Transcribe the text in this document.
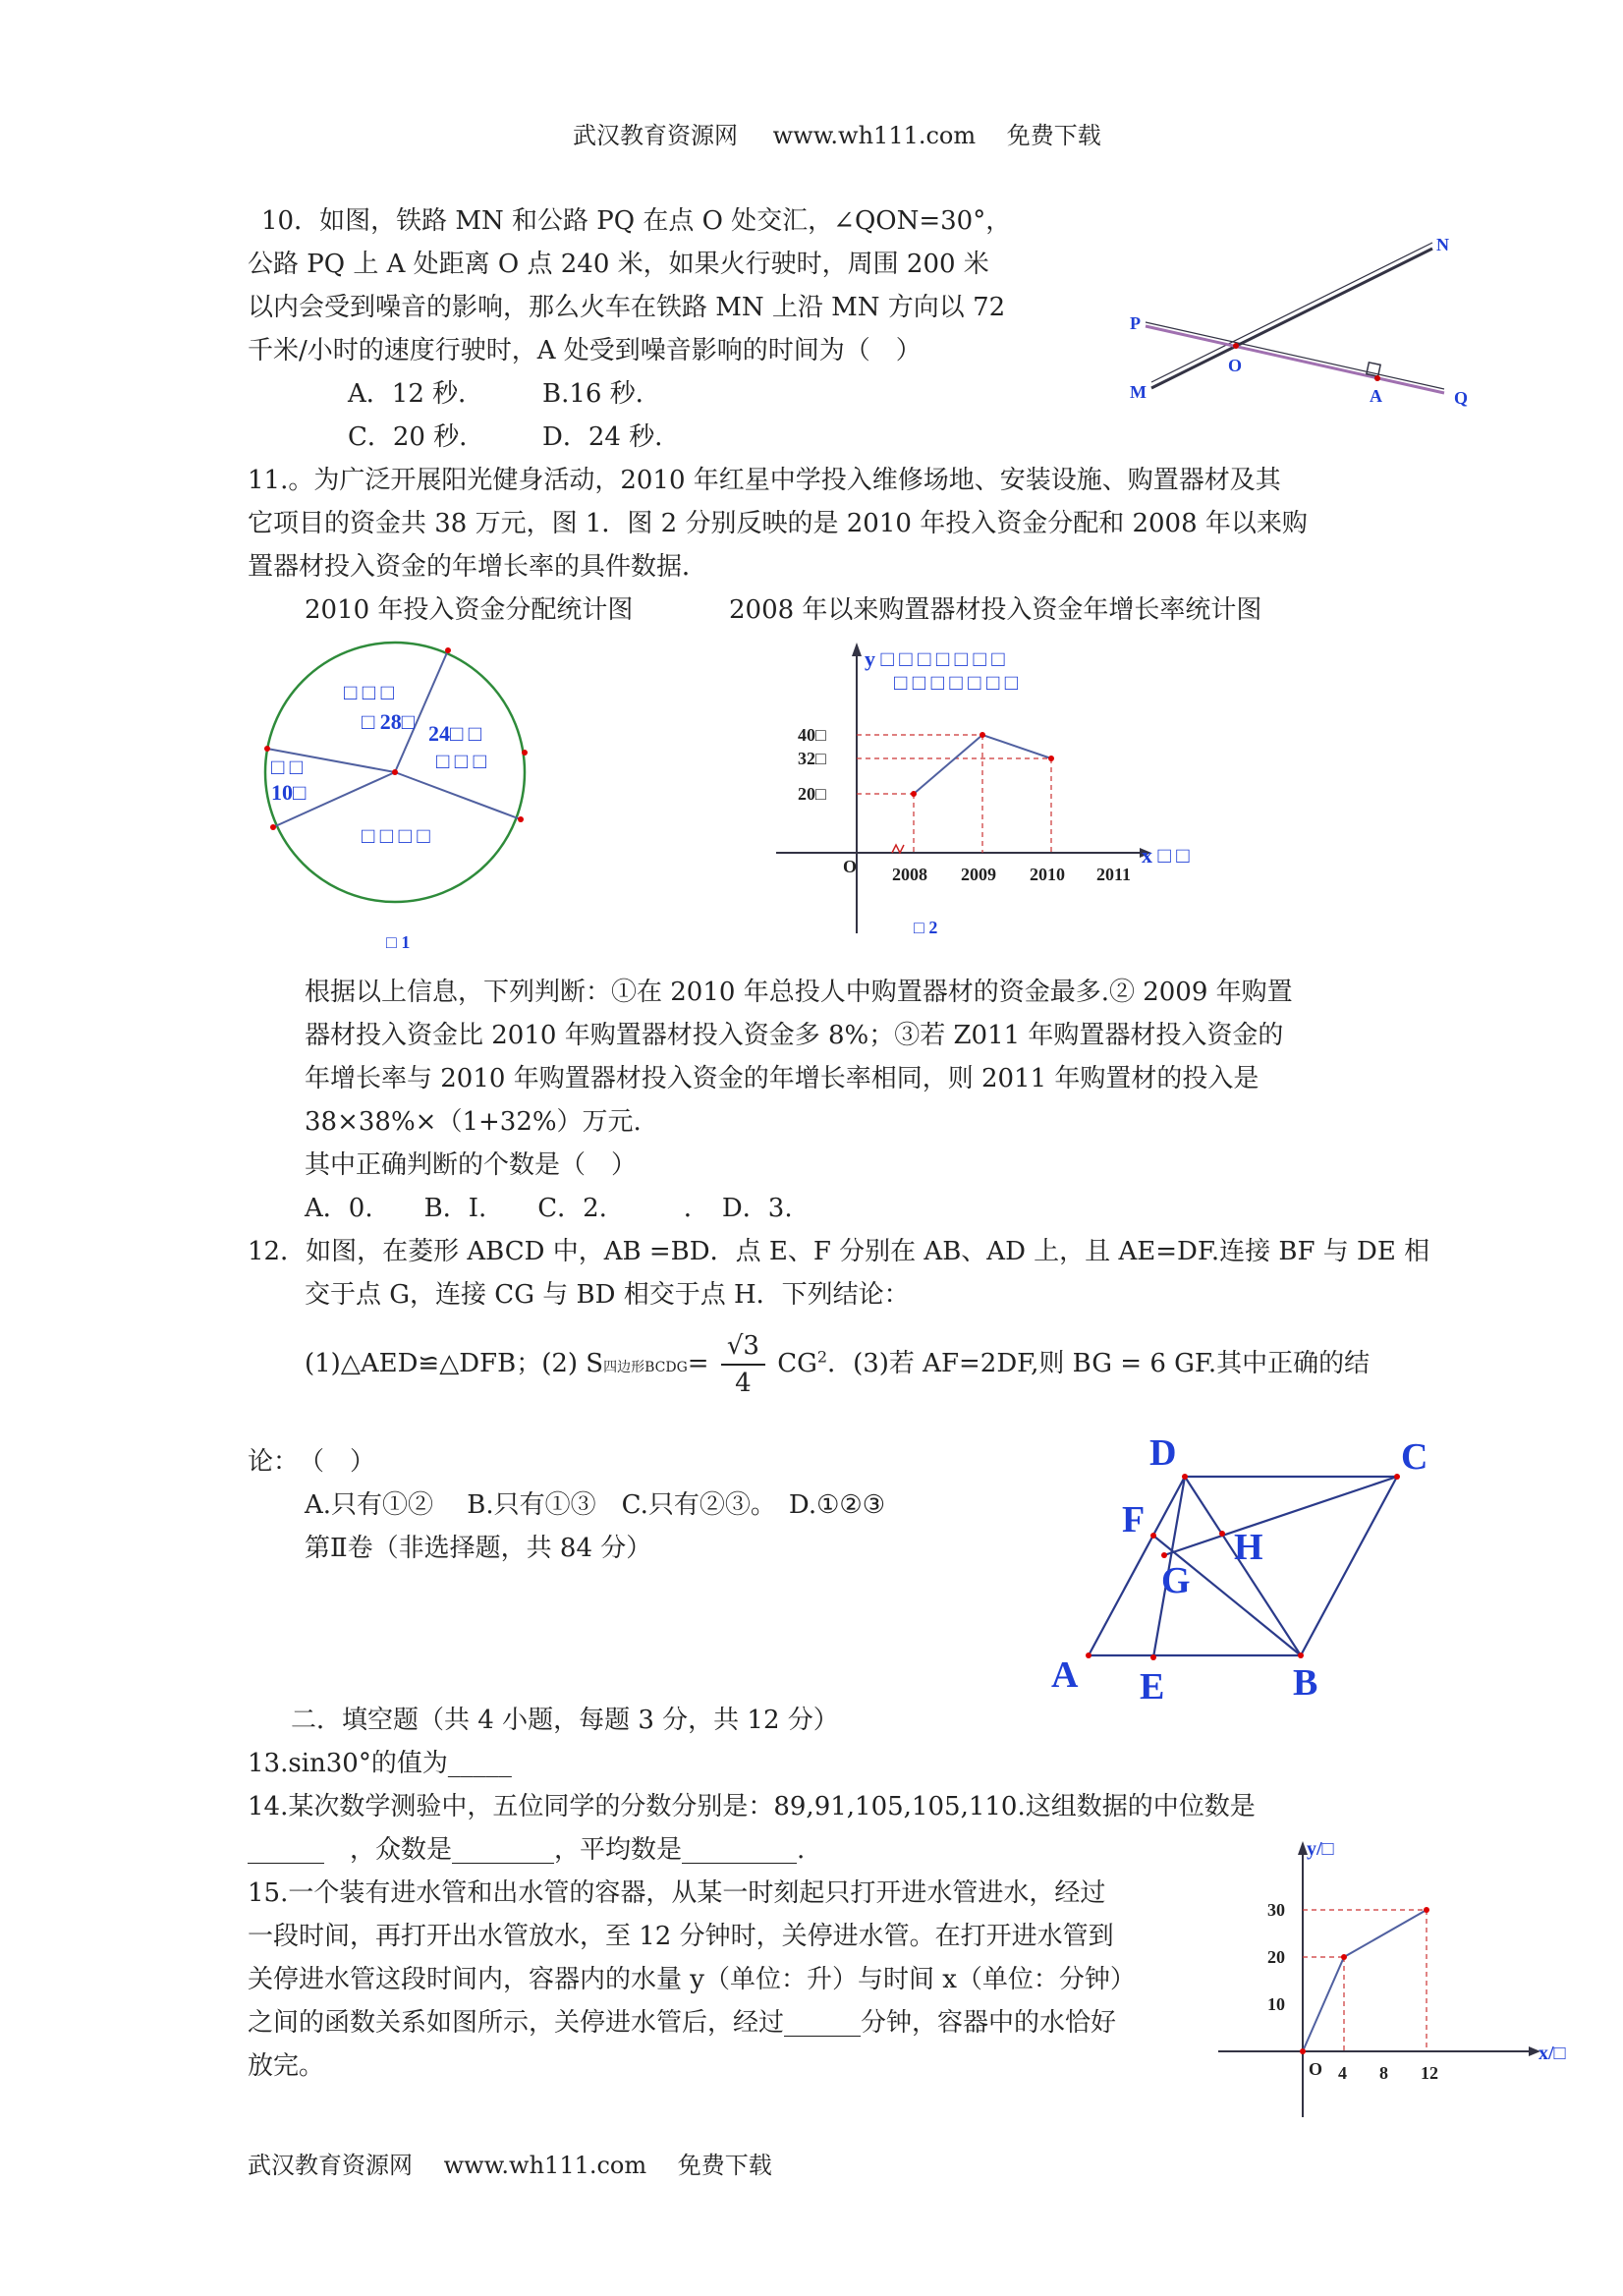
武汉教育资源网 www.wh111.com 免费下载
10．如图，铁路 MN 和公路 PQ 在点 O 处交汇，∠QON=30°，
公路 PQ 上 A 处距离 O 点 240 米，如果火行驶时，周围 200 米
以内会受到噪音的影响，那么火车在铁路 MN 上沿 MN 方向以 72
千米/小时的速度行驶时，A 处受到噪音影响的时间为（　）
A．12 秒． B.16 秒．
C．20 秒． D．24 秒．
P
N
O
M	A	Q
11.。为广泛开展阳光健身活动，2010 年红星中学投入维修场地、安装设施、购置器材及其
它项目的资金共 38 万元，图 1．图 2 分别反映的是 2010 年投入资金分配和 2008 年以来购
置器材投入资金的年增长率的具件数据．
2010 年投入资金分配统计图	2008 年以来购置器材投入资金年增长率统计图
□ □ □
□ 28□ 24□ □
□ □ □
□ □ □ □
□ □
10□
□ 1
20□
32□
40□
2008 2009 2010 2011
O	x □ □
y □ □ □ □ □ □ □
□ □ □ □ □ □ □
□ 2
根据以上信息，下列判断：①在 2010 年总投人中购置器材的资金最多.② 2009 年购置
器材投入资金比 2010 年购置器材投入资金多 8%；③若 Z011 年购置器材投入资金的
年增长率与 2010 年购置器材投入资金的年增长率相同，则 2011 年购置材的投入是
38×38%×（1+32%）万元.
其中正确判断的个数是（　）
A．0.　　B．I.　　C．2.　　　．　D．3.
12．如图，在菱形 ABCD 中，AB =BD．点 E、F 分别在 AB、AD 上，且 AE=DF.连接 BF 与 DE 相
交于点 G，连接 CG 与 BD 相交于点 H．下列结论：
(1)△AED≌△DFB；(2) S四边形BCDG= $\frac{√3}{4} CG^2$．(3)若 AF=2DF,则 BG = 6 GF.其中正确的结
论：　（　）
A.只有①②　 B.只有①③　C.只有②③。　D.①②③
第Ⅱ卷（非选择题，共 84 分）
D	C
F
H
G
A E	B
二．填空题（共 4 小题，每题 3 分，共 12 分）
13.sin30°的值为_____
14.某次数学测验中，五位同学的分数分别是：89,91,105,105,110.这组数据的中位数是
______　，众数是________，平均数是_________.
15.一个装有进水管和出水管的容器，从某一时刻起只打开进水管进水，经过
一段时间，再打开出水管放水，至 12 分钟时，关停进水管。在打开进水管到
关停进水管这段时间内，容器内的水量 y（单位：升）与时间 x（单位：分钟）
之间的函数关系如图所示，关停进水管后，经过______分钟，容器中的水恰好
放完。
10
20
30
4 8 12
O
x/□
y/□
武汉教育资源网 www.wh111.com 免费下载
